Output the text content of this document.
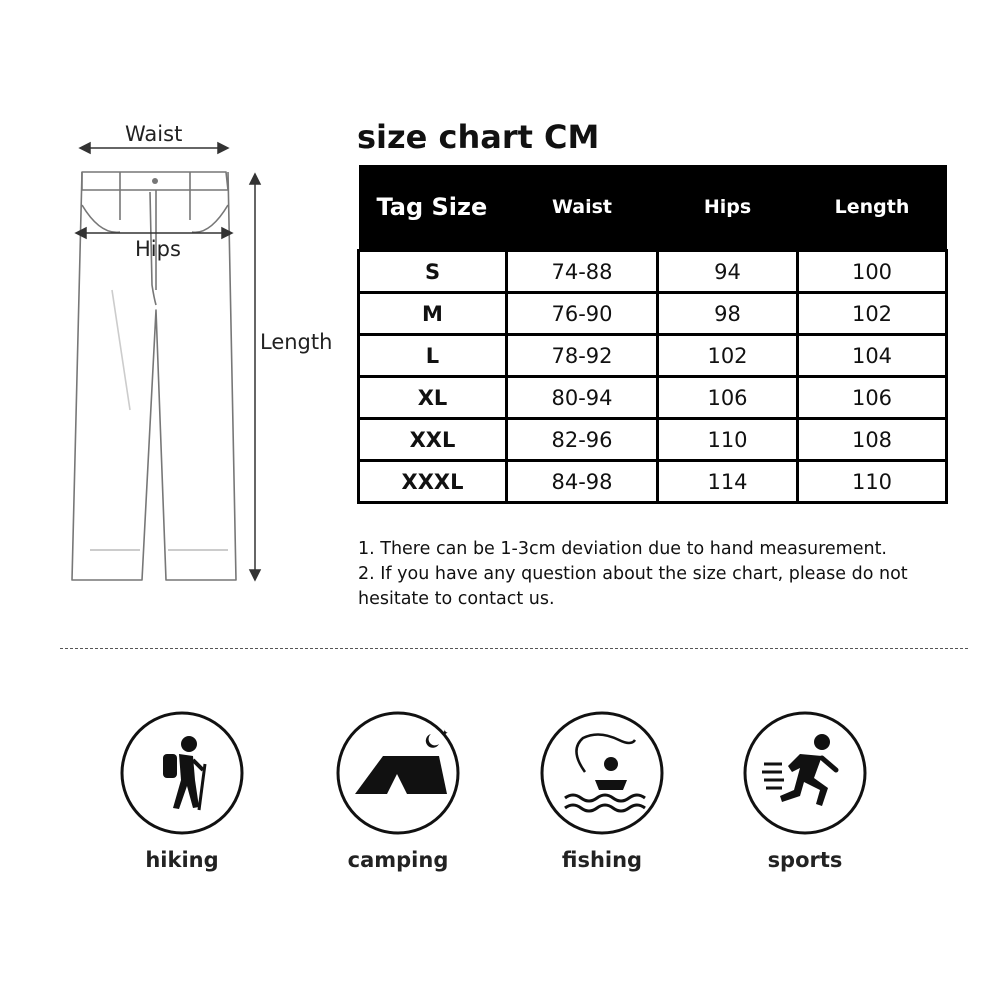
Waist
Hips
Length
size chart CM
Tag Size	Waist	Hips	Length
S	74-88	94	100
M	76-90	98	102
L	78-92	102	104
XL	80-94	106	106
XXL	82-96	110	108
XXXL	84-98	114	110

1. There can be 1-3cm deviation due to hand measurement.

2. If you have any question about the size chart, please do not hesitate to contact us.

hiking
✦
camping	fishing	sports
